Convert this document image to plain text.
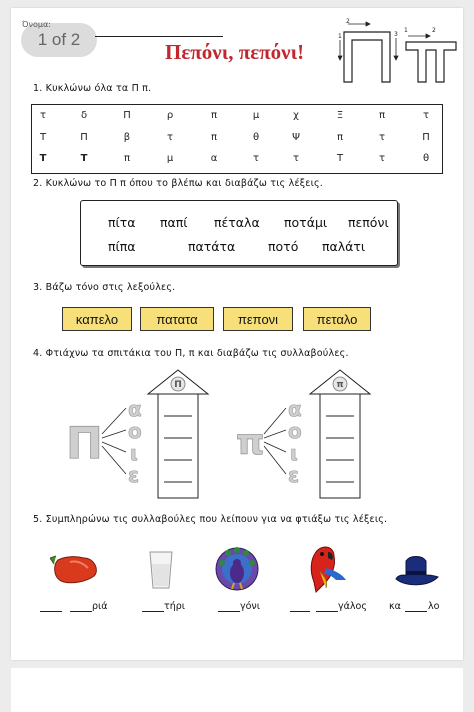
1 of 2
Όνομα:
Πεπόνι, πεπόνι!
1
2
3
1	2
1. Κυκλώνω όλα τα Π π.
τ	δ	Π	ρ	π	μ	χ	Ξ	π	τ
Τ	Π	β	τ	π	θ	Ψ	π	τ	Π
Τ	Τ	π	μ	α	τ	τ	Τ	τ	θ
2. Κυκλώνω το Π π όπου το βλέπω και διαβάζω τις λέξεις.
πίτα παπί πέταλα ποτάμι πεπόνι
πίπα	πατάτα	ποτό παλάτι
3. Βάζω τόνο στις λεξούλες.
καπελο	πατατα	πεπονι	πεταλο
4. Φτιάχνω τα σπιτάκια του Π, π και διαβάζω τις συλλαβούλες.
Π	π
α
ο
ι
ε
α
ο
ι
ε
Π	π
5. Συμπληρώνω τις συλλαβούλες που λείπουν για να φτιάξω τις λέξεις.
ριά	τήρι	γόνι	γάλος κα	λο
